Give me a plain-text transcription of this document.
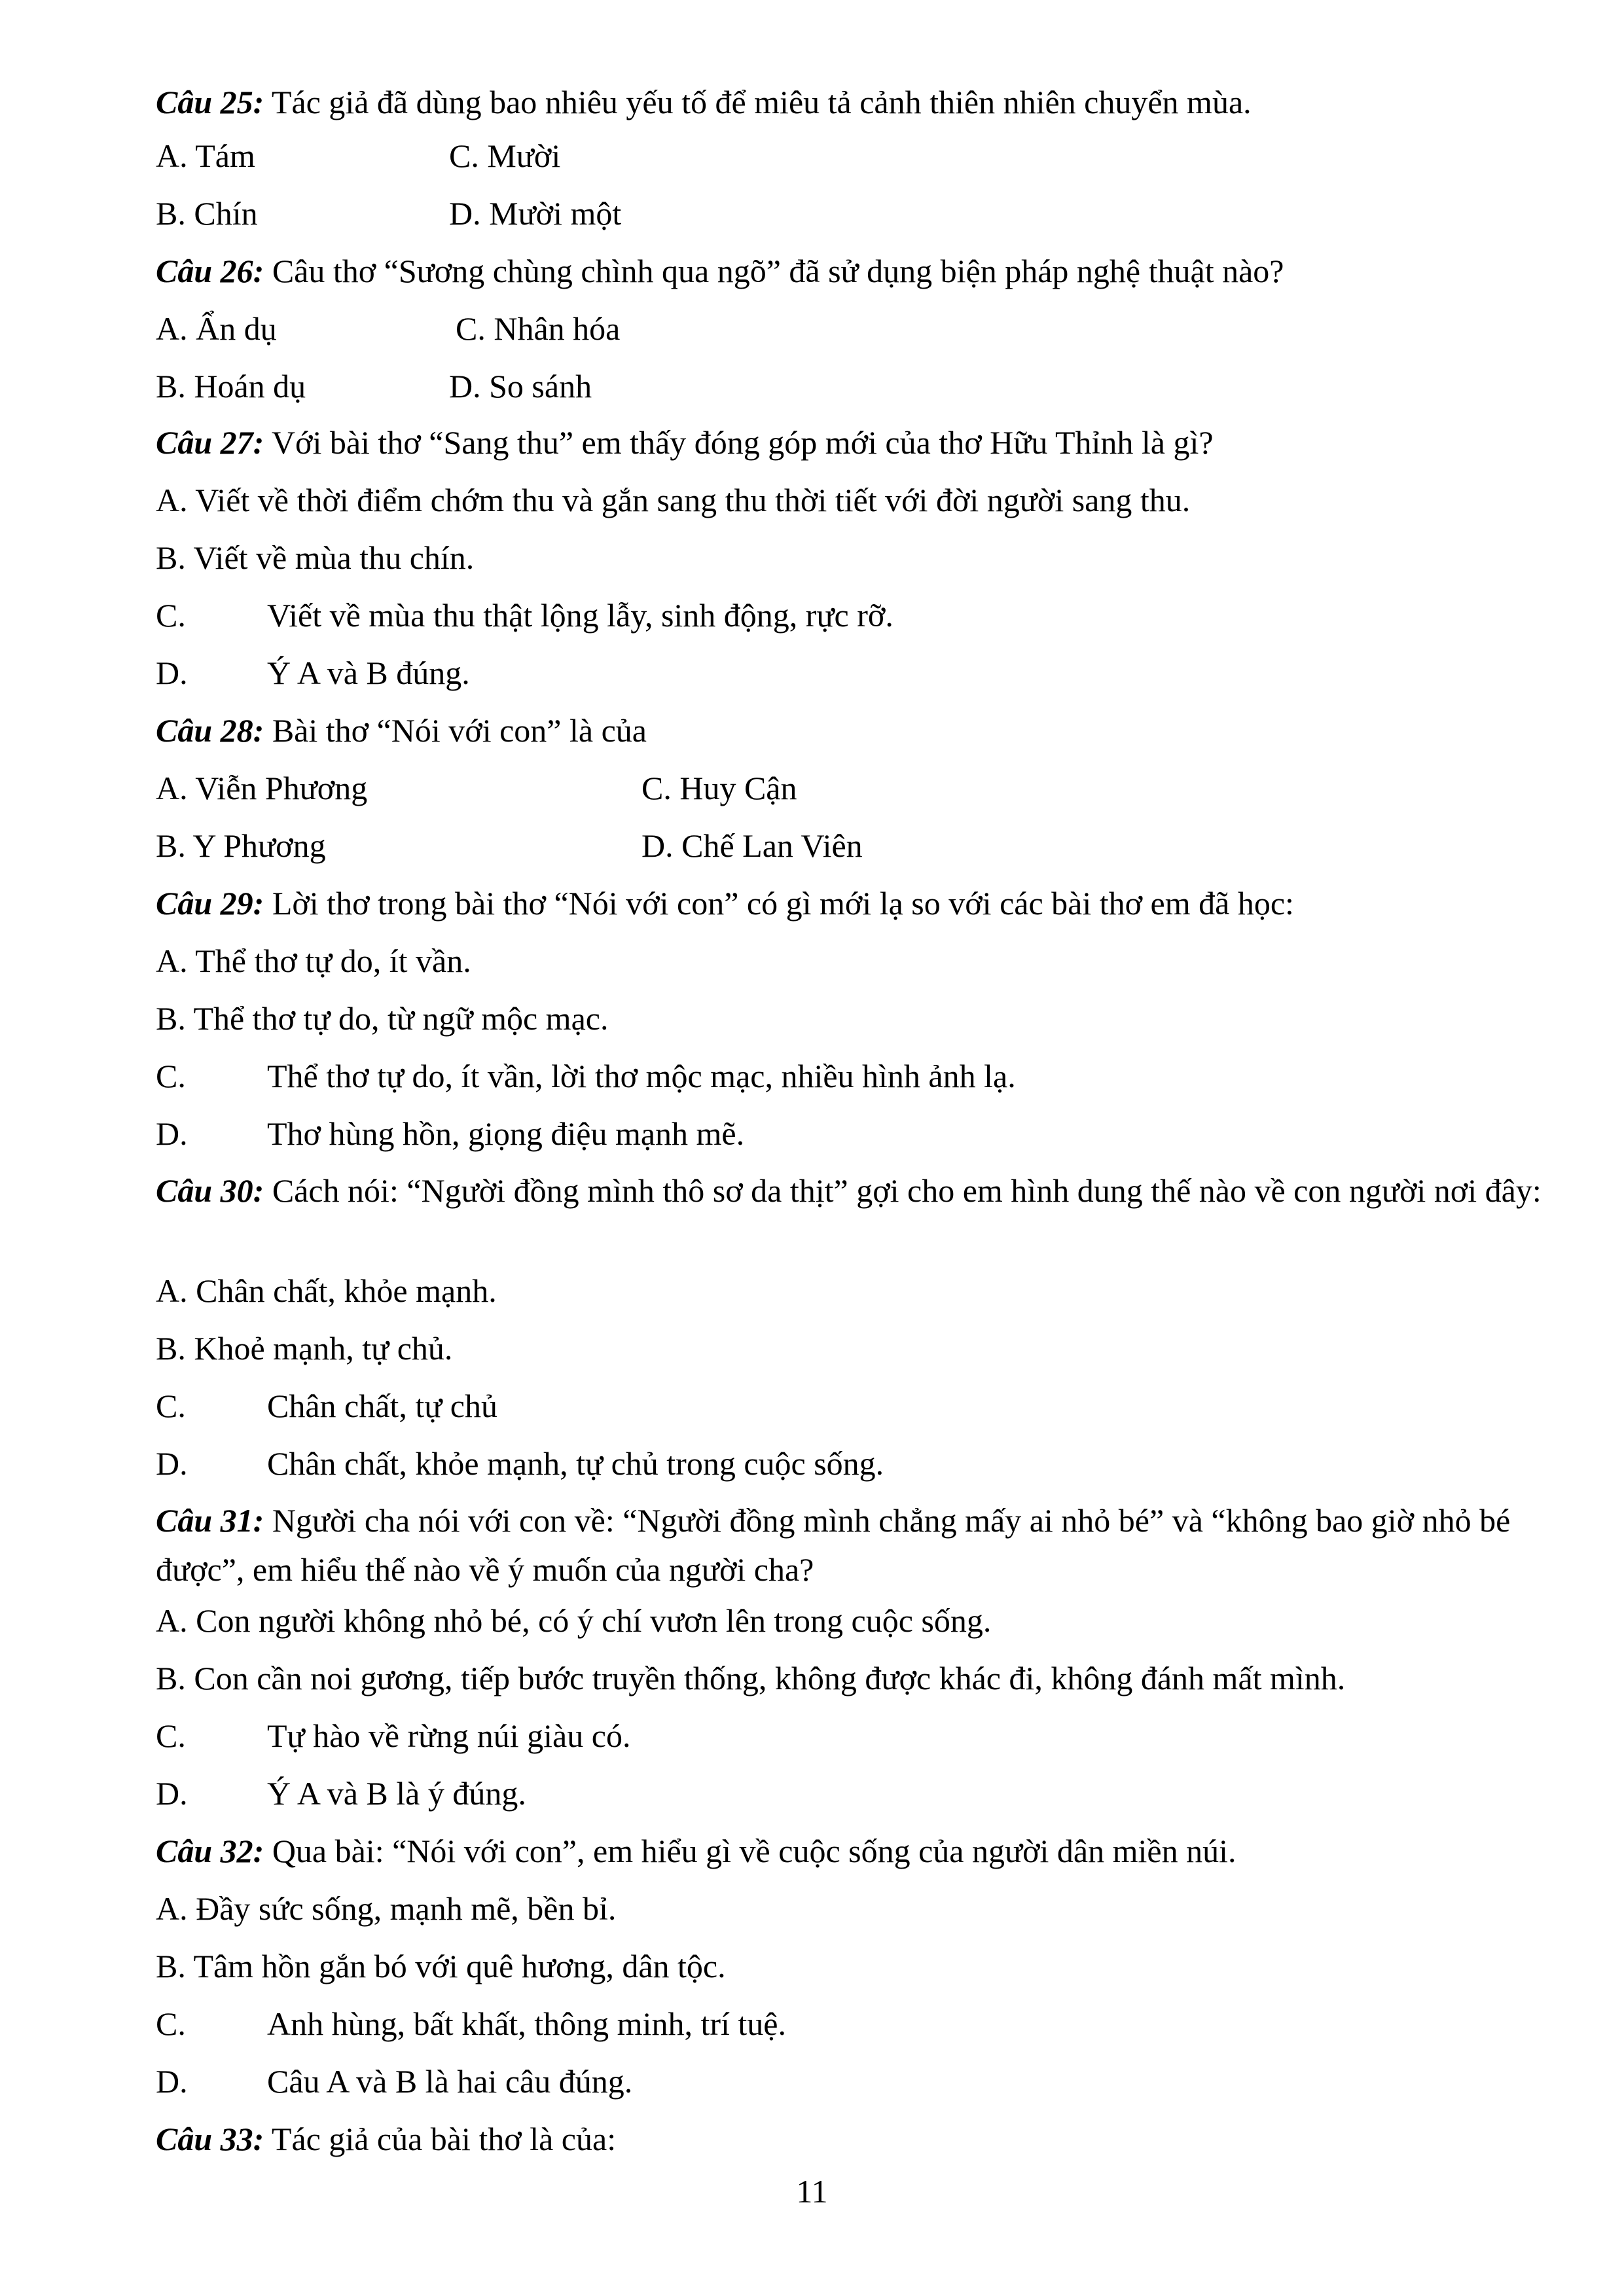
Câu 25: Tác giả đã dùng bao nhiêu yếu tố để miêu tả cảnh thiên nhiên chuyển mùa.
A. Tám	C. Mười
B. Chín	D. Mười một
Câu 26: Câu thơ “Sương chùng chình qua ngõ” đã sử dụng biện pháp nghệ thuật nào?
A. Ẩn dụ	C. Nhân hóa
B. Hoán dụ	D. So sánh
Câu 27: Với bài thơ “Sang thu” em thấy đóng góp mới của thơ Hữu Thỉnh là gì?
A. Viết về thời điểm chớm thu và gắn sang thu thời tiết với đời người sang thu.
B. Viết về mùa thu chín.
C. Viết về mùa thu thật lộng lẫy, sinh động, rực rỡ.
D. Ý A và B đúng.
Câu 28: Bài thơ “Nói với con” là của
A. Viễn Phương	C. Huy Cận
B. Y Phương	D. Chế Lan Viên
Câu 29: Lời thơ trong bài thơ “Nói với con” có gì mới lạ so với các bài thơ em đã học:
A. Thể thơ tự do, ít vần.
B. Thể thơ tự do, từ ngữ mộc mạc.
C. Thể thơ tự do, ít vần, lời thơ mộc mạc, nhiều hình ảnh lạ.
D. Thơ hùng hồn, giọng điệu mạnh mẽ.
Câu 30: Cách nói: “Người đồng mình thô sơ da thịt” gợi cho em hình dung thế nào về con người nơi đây:
A. Chân chất, khỏe mạnh.
B. Khoẻ mạnh, tự chủ.
C. Chân chất, tự chủ
D. Chân chất, khỏe mạnh, tự chủ trong cuộc sống.
Câu 31: Người cha nói với con về: “Người đồng mình chẳng mấy ai nhỏ bé” và “không bao giờ nhỏ bé được”, em hiểu thế nào về ý muốn của người cha?
A. Con người không nhỏ bé, có ý chí vươn lên trong cuộc sống.
B. Con cần noi gương, tiếp bước truyền thống, không được khác đi, không đánh mất mình.
C. Tự hào về rừng núi giàu có.
D. Ý A và B là ý đúng.
Câu 32: Qua bài: “Nói với con”, em hiểu gì về cuộc sống của người dân miền núi.
A. Đầy sức sống, mạnh mẽ, bền bỉ.
B. Tâm hồn gắn bó với quê hương, dân tộc.
C. Anh hùng, bất khất, thông minh, trí tuệ.
D. Câu A và B là hai câu đúng.
Câu 33: Tác giả của bài thơ là của:
11
